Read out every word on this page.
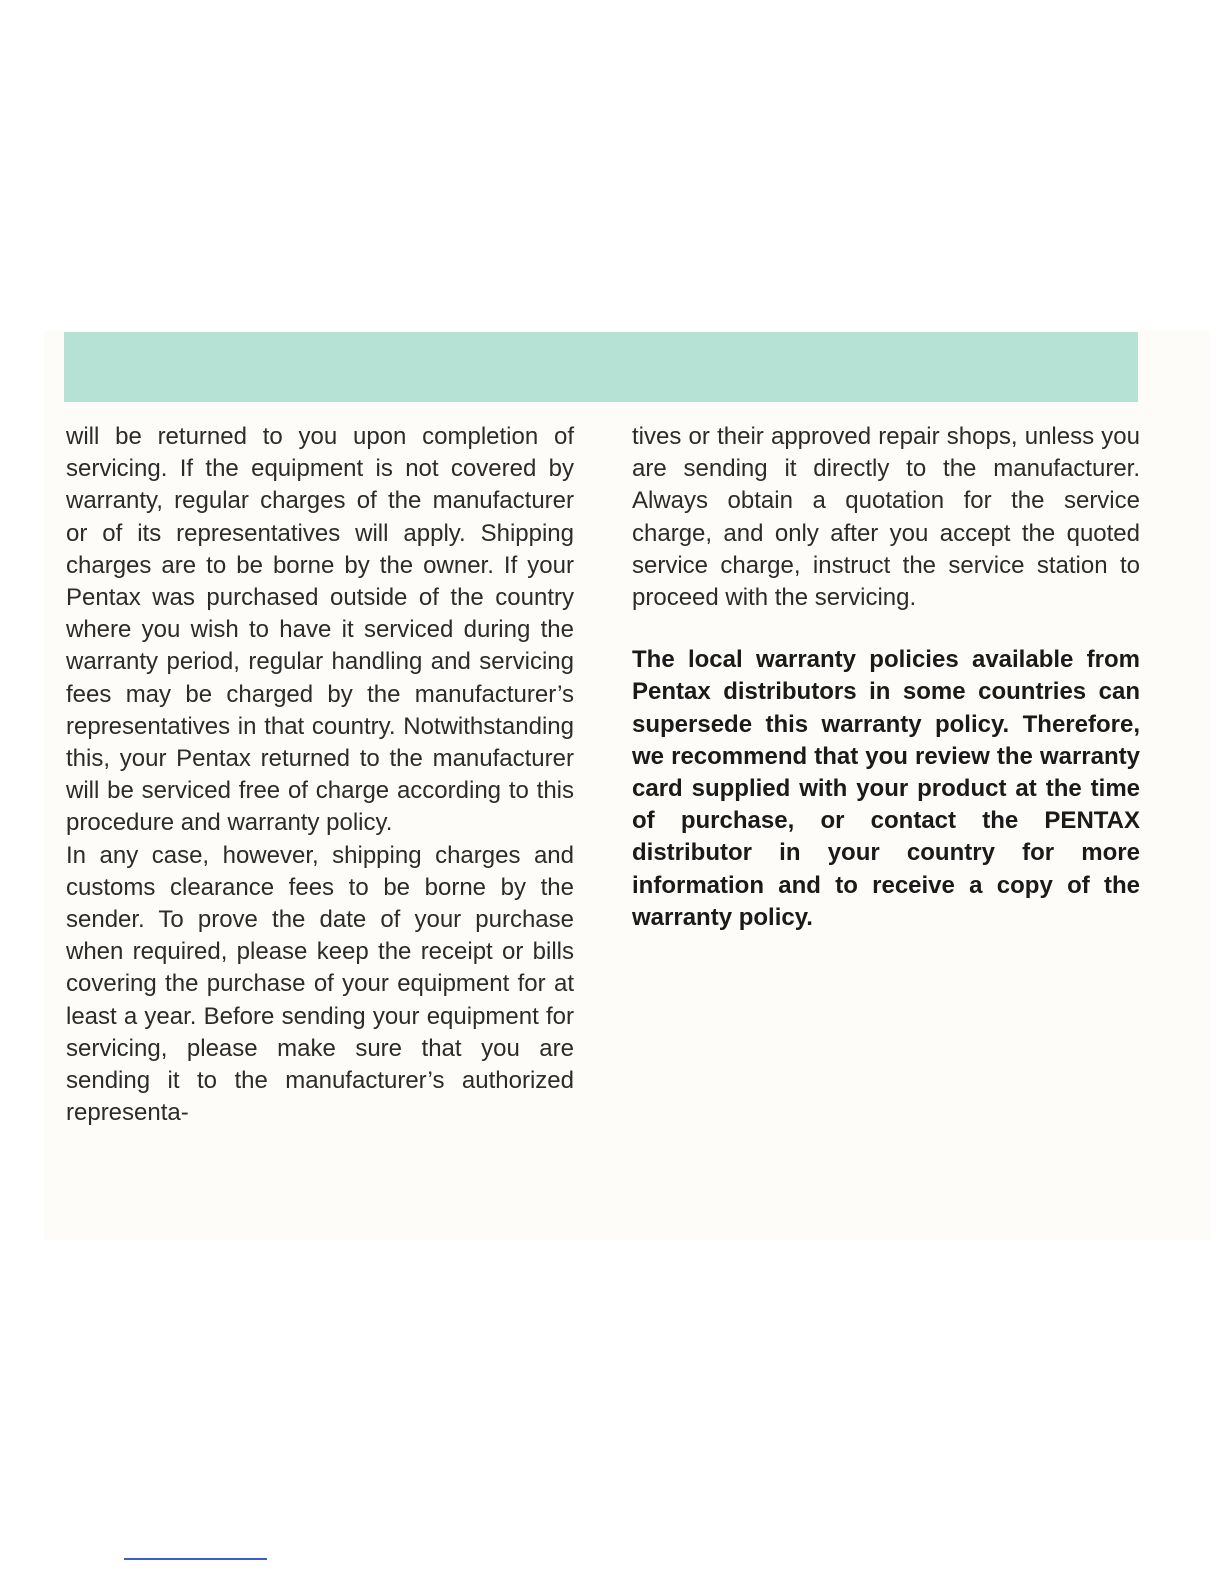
will be returned to you upon completion of servicing. If the equipment is not covered by warranty, regular charges of the manufacturer or of its representatives will apply. Shipping charges are to be borne by the owner. If your Pentax was purchased outside of the country where you wish to have it serviced during the warranty period, regular handling and servicing fees may be charged by the manufacturer’s representatives in that country. Notwithstanding this, your Pentax returned to the manufacturer will be serviced free of charge according to this procedure and warranty policy.

In any case, however, shipping charges and customs clearance fees to be borne by the sender. To prove the date of your purchase when required, please keep the receipt or bills covering the purchase of your equipment for at least a year. Before sending your equipment for servicing, please make sure that you are sending it to the manufacturer’s authorized representa-

tives or their approved repair shops, unless you are sending it directly to the manufacturer. Always obtain a quotation for the service charge, and only after you accept the quoted service charge, instruct the service station to proceed with the servicing.

The local warranty policies available from Pentax distributors in some countries can supersede this warranty policy. Therefore, we recommend that you review the warranty card supplied with your product at the time of purchase, or contact the PENTAX distributor in your country for more information and to receive a copy of the warranty policy.
